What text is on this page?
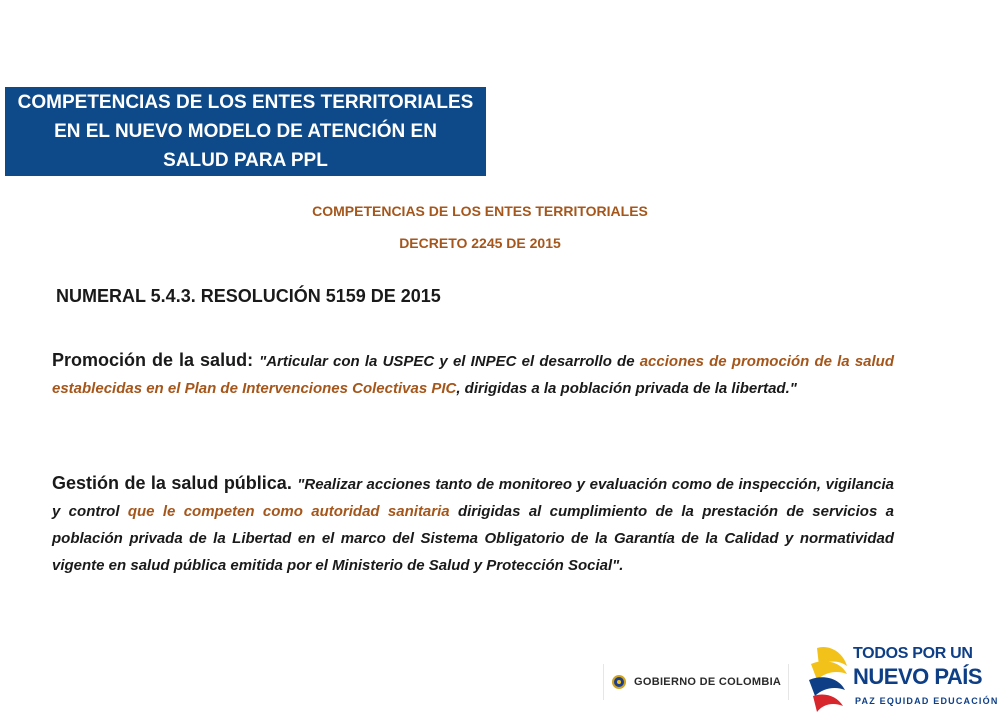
COMPETENCIAS DE LOS ENTES TERRITORIALES
EN EL NUEVO MODELO DE ATENCIÓN EN
SALUD PARA PPL
COMPETENCIAS DE LOS ENTES TERRITORIALES
DECRETO 2245 DE 2015
NUMERAL 5.4.3. RESOLUCIÓN 5159 DE 2015
Promoción de la salud: "Articular con la USPEC y el INPEC el desarrollo de acciones de promoción de la salud establecidas en el Plan de Intervenciones Colectivas PIC, dirigidas a la población privada de la libertad."
Gestión de la salud pública. "Realizar acciones tanto de monitoreo y evaluación como de inspección, vigilancia y control que le competen como autoridad sanitaria dirigidas al cumplimiento de la prestación de servicios a población privada de la Libertad en el marco del Sistema Obligatorio de la Garantía de la Calidad y normatividad vigente en salud pública emitida por el Ministerio de Salud y Protección Social".
GOBIERNO DE COLOMBIA
TODOS POR UN
NUEVO PAÍS
PAZ EQUIDAD EDUCACIÓN
